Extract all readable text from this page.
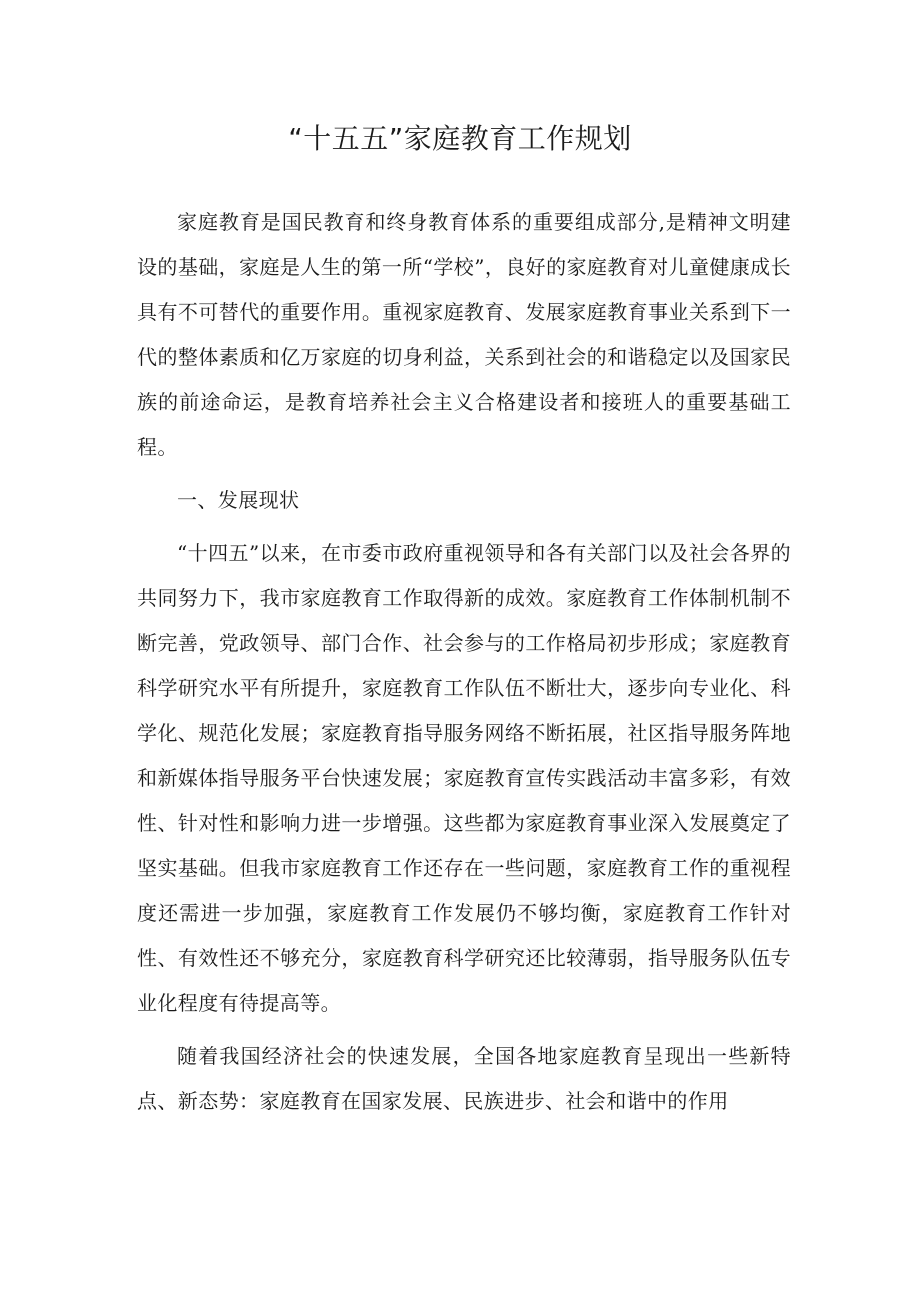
“十五五”家庭教育工作规划

家庭教育是国民教育和终身教育体系的重要组成部分,是精神文明建设的基础，家庭是人生的第一所“学校”，良好的家庭教育对儿童健康成长具有不可替代的重要作用。重视家庭教育、发展家庭教育事业关系到下一代的整体素质和亿万家庭的切身利益，关系到社会的和谐稳定以及国家民族的前途命运，是教育培养社会主义合格建设者和接班人的重要基础工程。

一、发展现状

“十四五”以来，在市委市政府重视领导和各有关部门以及社会各界的共同努力下，我市家庭教育工作取得新的成效。家庭教育工作体制机制不断完善，党政领导、部门合作、社会参与的工作格局初步形成；家庭教育科学研究水平有所提升，家庭教育工作队伍不断壮大，逐步向专业化、科学化、规范化发展；家庭教育指导服务网络不断拓展，社区指导服务阵地和新媒体指导服务平台快速发展；家庭教育宣传实践活动丰富多彩，有效性、针对性和影响力进一步增强。这些都为家庭教育事业深入发展奠定了坚实基础。但我市家庭教育工作还存在一些问题，家庭教育工作的重视程度还需进一步加强，家庭教育工作发展仍不够均衡，家庭教育工作针对性、有效性还不够充分，家庭教育科学研究还比较薄弱，指导服务队伍专业化程度有待提高等。

随着我国经济社会的快速发展，全国各地家庭教育呈现出一些新特点、新态势：家庭教育在国家发展、民族进步、社会和谐中的作用
